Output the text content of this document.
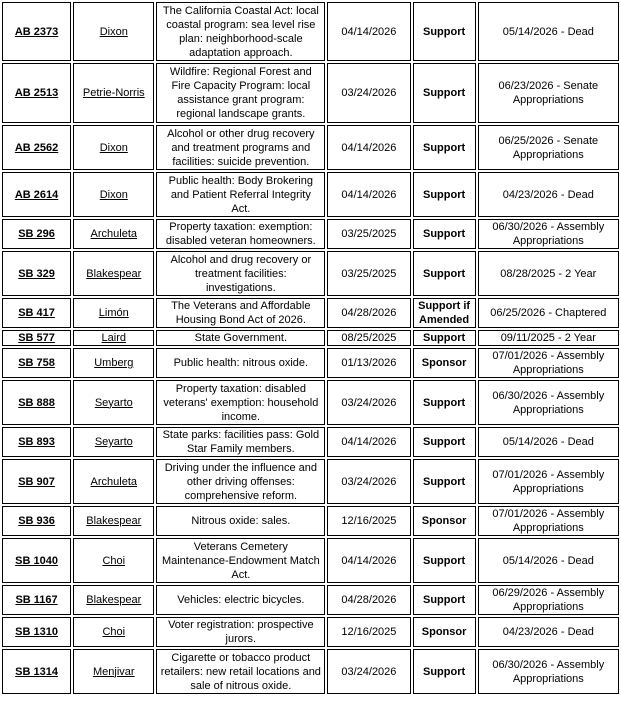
AB 2373	Dixon	The California Coastal Act: local coastal program: sea level rise plan: neighborhood-scale adaptation approach.	04/14/2026	Support	05/14/2026 - Dead
AB 2513	Petrie-Norris	Wildfire: Regional Forest and Fire Capacity Program: local assistance grant program: regional landscape grants.	03/24/2026	Support	06/23/2026 - Senate Appropriations
AB 2562	Dixon	Alcohol or other drug recovery and treatment programs and facilities: suicide prevention.	04/14/2026	Support	06/25/2026 - Senate Appropriations
AB 2614	Dixon	Public health: Body Brokering and Patient Referral Integrity Act.	04/14/2026	Support	04/23/2026 - Dead
SB 296	Archuleta	Property taxation: exemption: disabled veteran homeowners.	03/25/2025	Support	06/30/2026 - Assembly Appropriations
SB 329	Blakespear	Alcohol and drug recovery or treatment facilities: investigations.	03/25/2025	Support	08/28/2025 - 2 Year
SB 417	Limón	The Veterans and Affordable Housing Bond Act of 2026.	04/28/2026	Support if Amended	06/25/2026 - Chaptered
SB 577	Laird	State Government.	08/25/2025	Support	09/11/2025 - 2 Year
SB 758	Umberg	Public health: nitrous oxide.	01/13/2026	Sponsor	07/01/2026 - Assembly Appropriations
SB 888	Seyarto	Property taxation: disabled veterans' exemption: household income.	03/24/2026	Support	06/30/2026 - Assembly Appropriations
SB 893	Seyarto	State parks: facilities pass: Gold Star Family members.	04/14/2026	Support	05/14/2026 - Dead
SB 907	Archuleta	Driving under the influence and other driving offenses: comprehensive reform.	03/24/2026	Support	07/01/2026 - Assembly Appropriations
SB 936	Blakespear	Nitrous oxide: sales.	12/16/2025	Sponsor	07/01/2026 - Assembly Appropriations
SB 1040	Choi	Veterans Cemetery Maintenance-Endowment Match Act.	04/14/2026	Support	05/14/2026 - Dead
SB 1167	Blakespear	Vehicles: electric bicycles.	04/28/2026	Support	06/29/2026 - Assembly Appropriations
SB 1310	Choi	Voter registration: prospective jurors.	12/16/2025	Sponsor	04/23/2026 - Dead
SB 1314	Menjivar	Cigarette or tobacco product retailers: new retail locations and sale of nitrous oxide.	03/24/2026	Support	06/30/2026 - Assembly Appropriations
